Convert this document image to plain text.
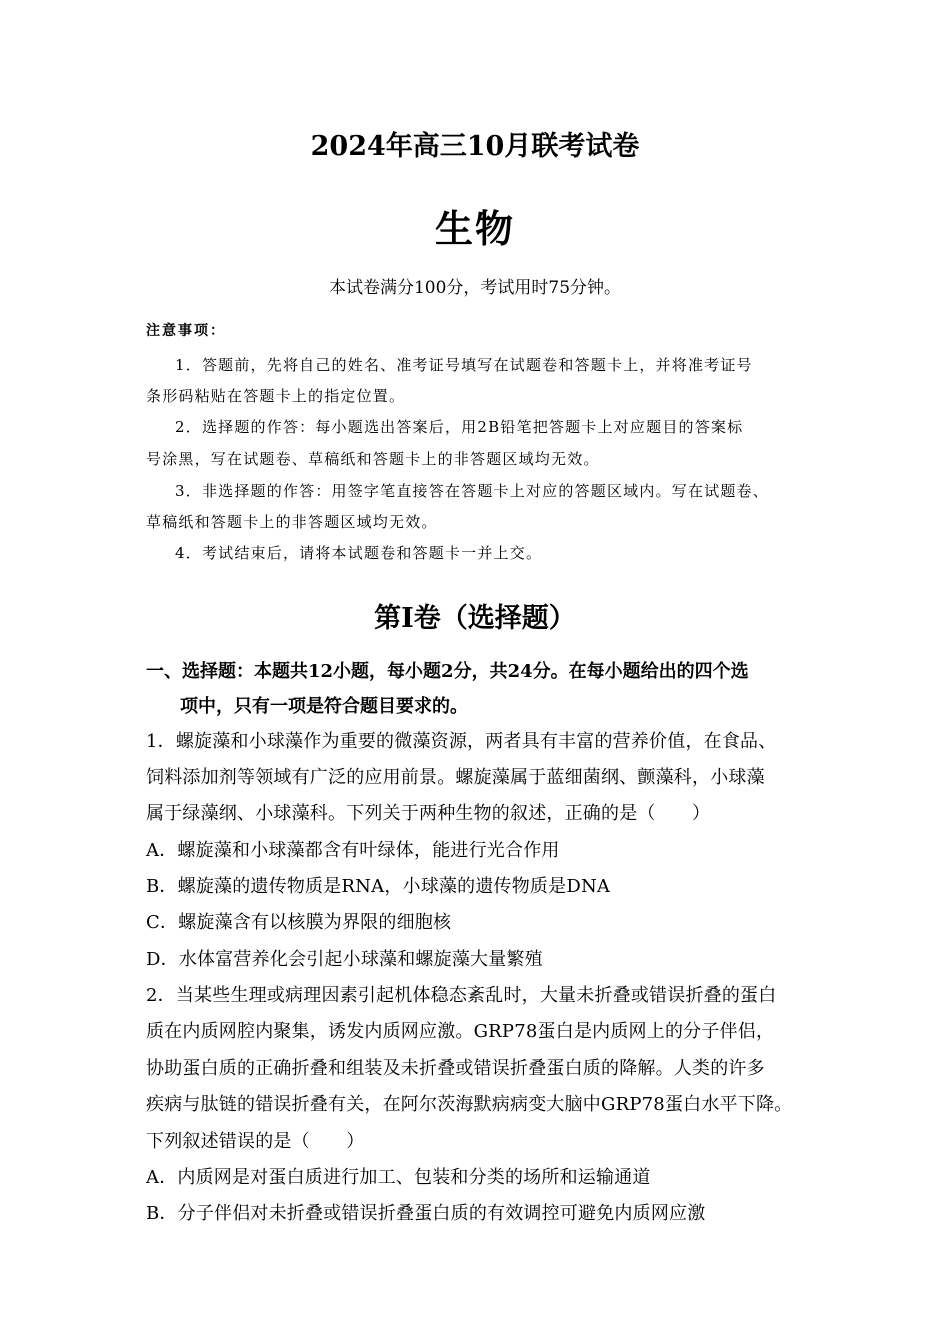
2024年高三10月联考试卷
生物
本试卷满分100分，考试用时75分钟。
注意事项：
1．答题前，先将自己的姓名、准考证号填写在试题卷和答题卡上，并将准考证号
条形码粘贴在答题卡上的指定位置。
2．选择题的作答：每小题选出答案后，用2B铅笔把答题卡上对应题目的答案标
号涂黑，写在试题卷、草稿纸和答题卡上的非答题区域均无效。
3．非选择题的作答：用签字笔直接答在答题卡上对应的答题区域内。写在试题卷、
草稿纸和答题卡上的非答题区域均无效。
4．考试结束后，请将本试题卷和答题卡一并上交。
第Ⅰ卷（选择题）
一、选择题：本题共12小题，每小题2分，共24分。在每小题给出的四个选
项中，只有一项是符合题目要求的。
1．螺旋藻和小球藻作为重要的微藻资源，两者具有丰富的营养价值，在食品、
饲料添加剂等领域有广泛的应用前景。螺旋藻属于蓝细菌纲、颤藻科，小球藻
属于绿藻纲、小球藻科。下列关于两种生物的叙述，正确的是（　　）
A．螺旋藻和小球藻都含有叶绿体，能进行光合作用
B．螺旋藻的遗传物质是RNA，小球藻的遗传物质是DNA
C．螺旋藻含有以核膜为界限的细胞核
D．水体富营养化会引起小球藻和螺旋藻大量繁殖
2．当某些生理或病理因素引起机体稳态紊乱时，大量未折叠或错误折叠的蛋白
质在内质网腔内聚集，诱发内质网应激。GRP78蛋白是内质网上的分子伴侣，
协助蛋白质的正确折叠和组装及未折叠或错误折叠蛋白质的降解。人类的许多
疾病与肽链的错误折叠有关，在阿尔茨海默病病变大脑中GRP78蛋白水平下降。
下列叙述错误的是（　　）
A．内质网是对蛋白质进行加工、包装和分类的场所和运输通道
B．分子伴侣对未折叠或错误折叠蛋白质的有效调控可避免内质网应激
